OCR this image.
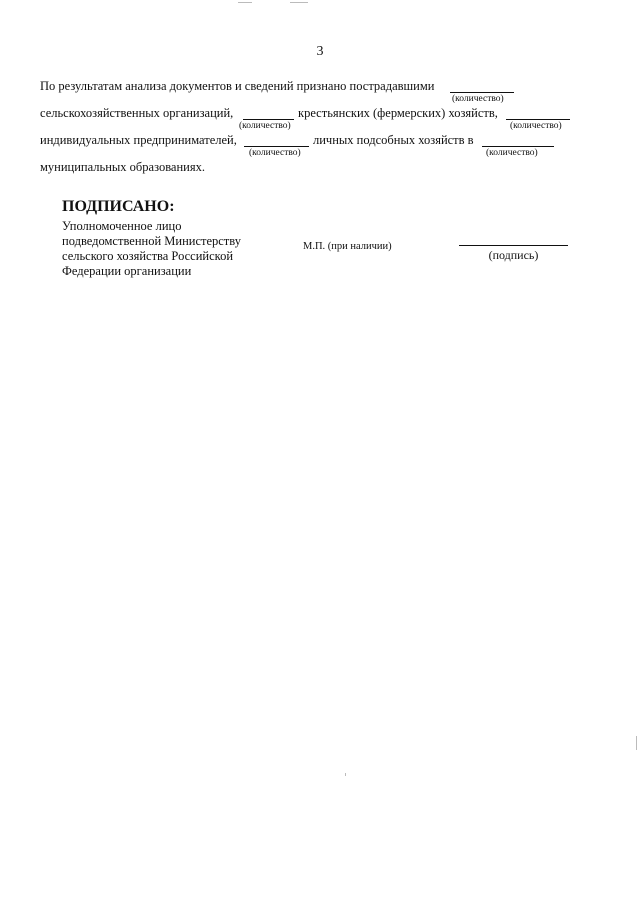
3
По результатам анализа документов и сведений признано пострадавшими
(количество)
сельскохозяйственных организаций,
(количество)
крестьянских (фермерских) хозяйств,
(количество)
индивидуальных предпринимателей,
(количество)
личных подсобных хозяйств в
(количество)
муниципальных образованиях.
ПОДПИСАНО:
Уполномоченное лицо
подведомственной Министерству
сельского хозяйства Российской
Федерации организации
М.П. (при наличии)
(подпись)
